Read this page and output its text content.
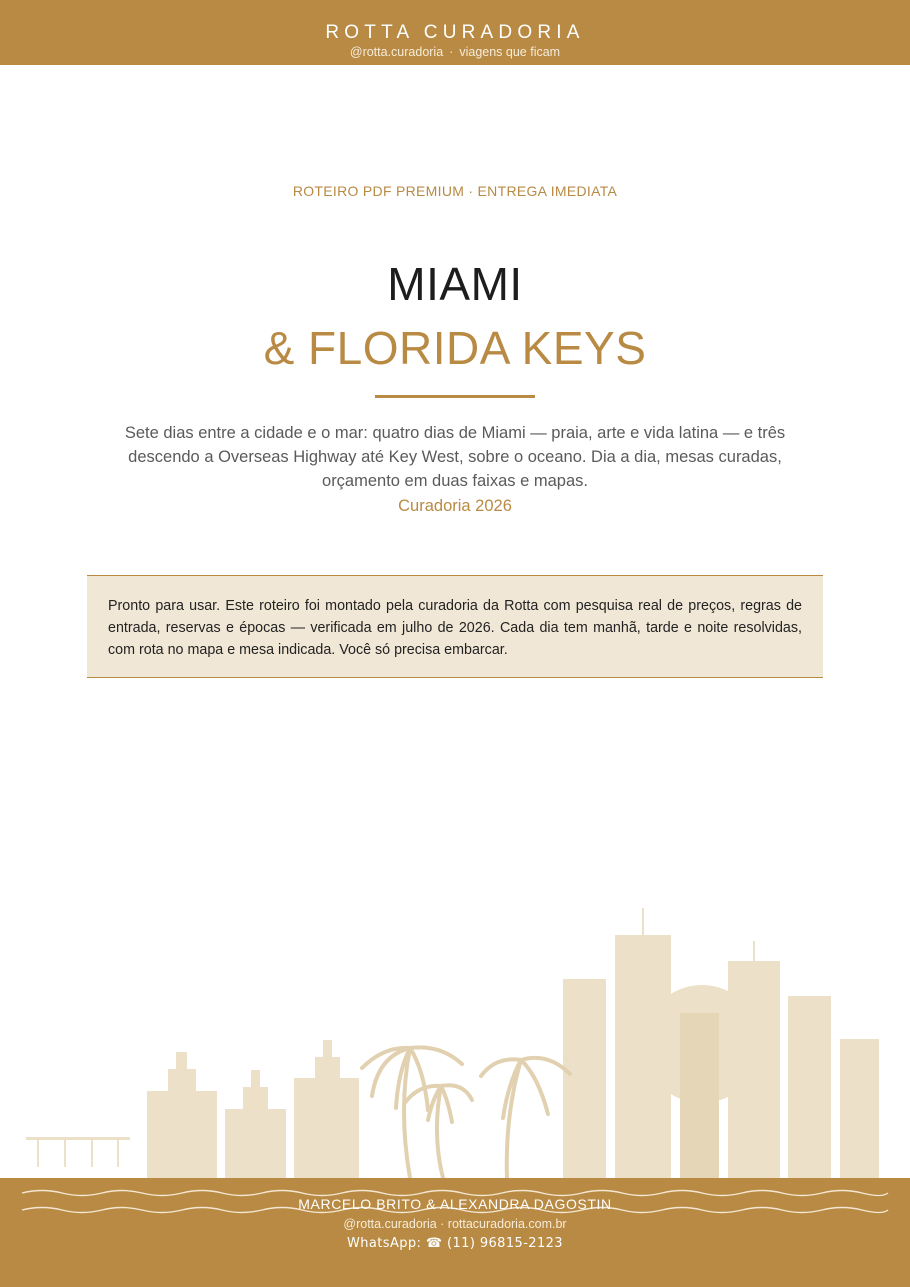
ROTTA CURADORIA
@rotta.curadoria · viagens que ficam
ROTEIRO PDF PREMIUM · ENTREGA IMEDIATA
MIAMI
& FLORIDA KEYS

Sete dias entre a cidade e o mar: quatro dias de Miami — praia, arte e vida latina — e três descendo a Overseas Highway até Key West, sobre o oceano. Dia a dia, mesas curadas, orçamento em duas faixas e mapas.

Curadoria 2026
Pronto para usar. Este roteiro foi montado pela curadoria da Rotta com pesquisa real de preços, regras de entrada, reservas e épocas — verificada em julho de 2026. Cada dia tem manhã, tarde e noite resolvidas, com rota no mapa e mesa indicada. Você só precisa embarcar.
MARCELO BRITO & ALEXANDRA DAGOSTIN
@rotta.curadoria · rottacuradoria.com.br
WhatsApp: ☎ (11) 96815-2123
